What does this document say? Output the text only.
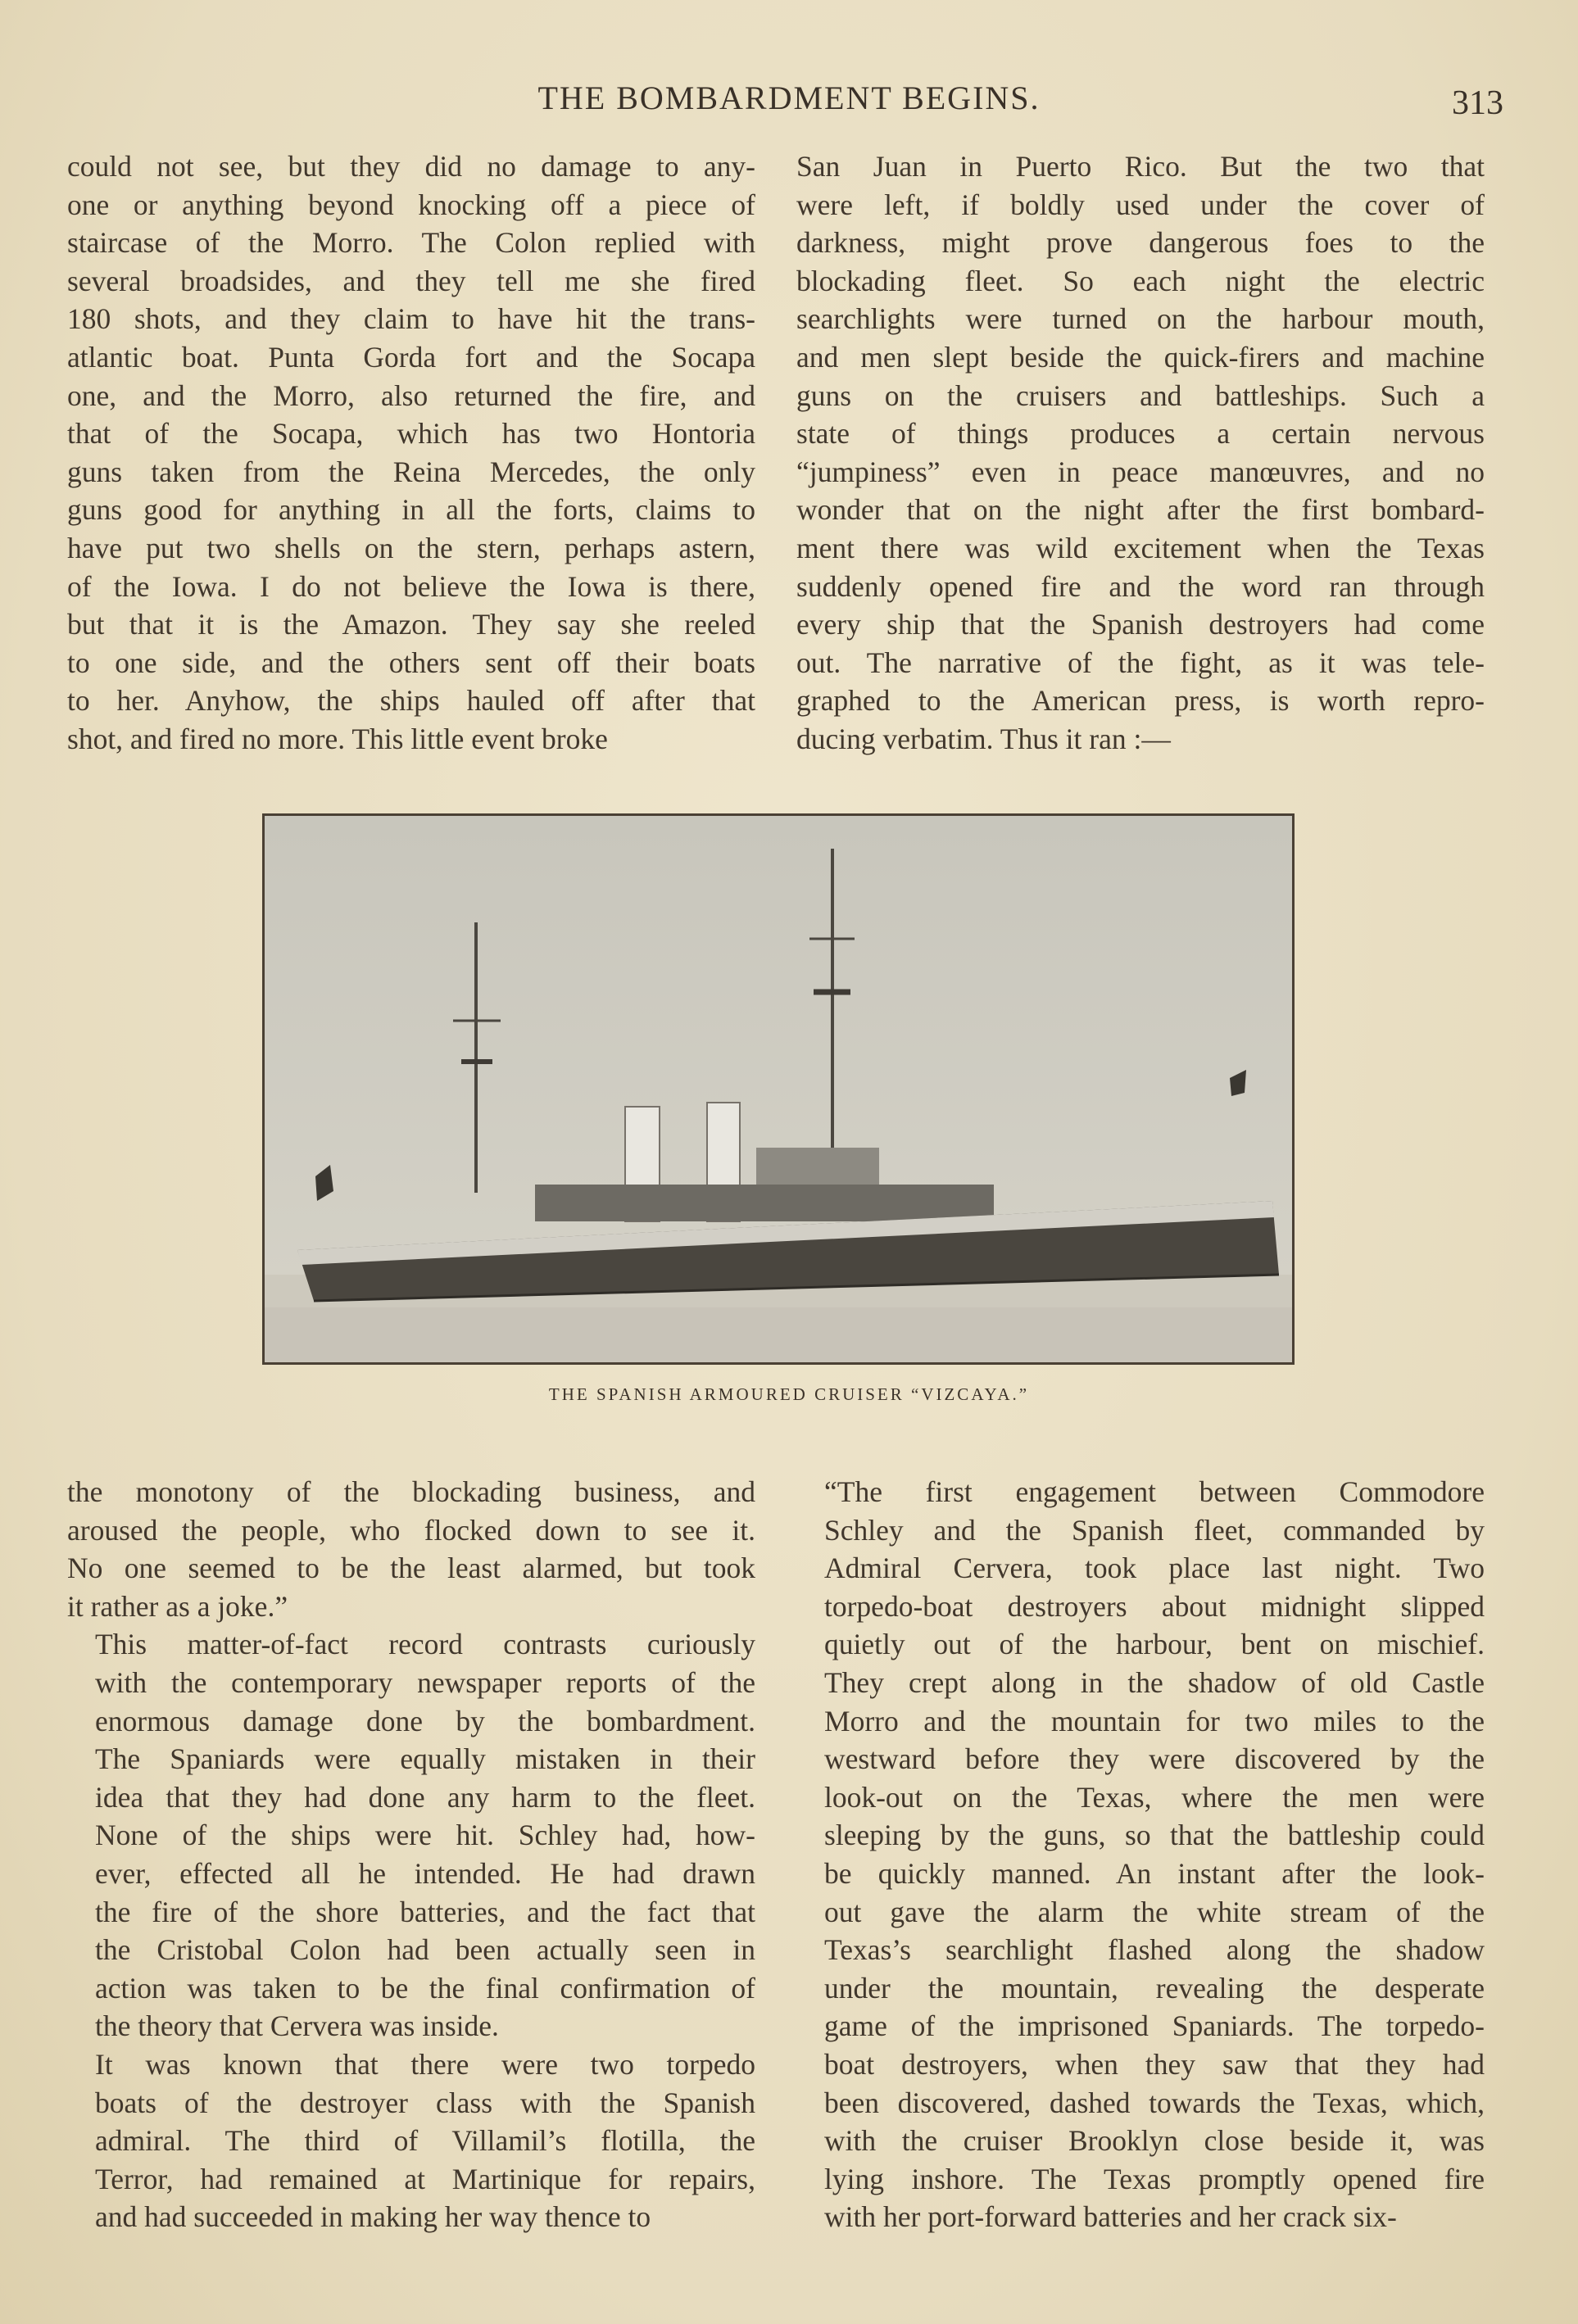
THE BOMBARDMENT BEGINS.	313

could not see, but they did no damage to any-
one or anything beyond knocking off a piece of
staircase of the Morro. The Colon replied with
several broadsides, and they tell me she fired
180 shots, and they claim to have hit the trans-
atlantic boat. Punta Gorda fort and the Socapa
one, and the Morro, also returned the fire, and
that of the Socapa, which has two Hontoria
guns taken from the Reina Mercedes, the only
guns good for anything in all the forts, claims to
have put two shells on the stern, perhaps astern,
of the Iowa. I do not believe the Iowa is there,
but that it is the Amazon. They say she reeled
to one side, and the others sent off their boats
to her. Anyhow, the ships hauled off after that
shot, and fired no more. This little event broke

San Juan in Puerto Rico. But the two that
were left, if boldly used under the cover of
darkness, might prove dangerous foes to the
blockading fleet. So each night the electric
searchlights were turned on the harbour mouth,
and men slept beside the quick-firers and machine
guns on the cruisers and battleships. Such a
state of things produces a certain nervous
“jumpiness” even in peace manœuvres, and no
wonder that on the night after the first bombard-
ment there was wild excitement when the Texas
suddenly opened fire and the word ran through
every ship that the Spanish destroyers had come
out. The narrative of the fight, as it was tele-
graphed to the American press, is worth repro-
ducing verbatim. Thus it ran :—

THE SPANISH ARMOURED CRUISER “VIZCAYA.”

the monotony of the blockading business, and
aroused the people, who flocked down to see it.
No one seemed to be the least alarmed, but took
it rather as a joke.”

This matter-of-fact record contrasts curiously
with the contemporary newspaper reports of the
enormous damage done by the bombardment.
The Spaniards were equally mistaken in their
idea that they had done any harm to the fleet.
None of the ships were hit. Schley had, how-
ever, effected all he intended. He had drawn
the fire of the shore batteries, and the fact that
the Cristobal Colon had been actually seen in
action was taken to be the final confirmation of
the theory that Cervera was inside.

It was known that there were two torpedo
boats of the destroyer class with the Spanish
admiral. The third of Villamil’s flotilla, the
Terror, had remained at Martinique for repairs,
and had succeeded in making her way thence to

“The first engagement between Commodore
Schley and the Spanish fleet, commanded by
Admiral Cervera, took place last night. Two
torpedo-boat destroyers about midnight slipped
quietly out of the harbour, bent on mischief.
They crept along in the shadow of old Castle
Morro and the mountain for two miles to the
westward before they were discovered by the
look-out on the Texas, where the men were
sleeping by the guns, so that the battleship could
be quickly manned. An instant after the look-
out gave the alarm the white stream of the
Texas’s searchlight flashed along the shadow
under the mountain, revealing the desperate
game of the imprisoned Spaniards. The torpedo-
boat destroyers, when they saw that they had
been discovered, dashed towards the Texas, which,
with the cruiser Brooklyn close beside it, was
lying inshore. The Texas promptly opened fire
with her port-forward batteries and her crack six-
